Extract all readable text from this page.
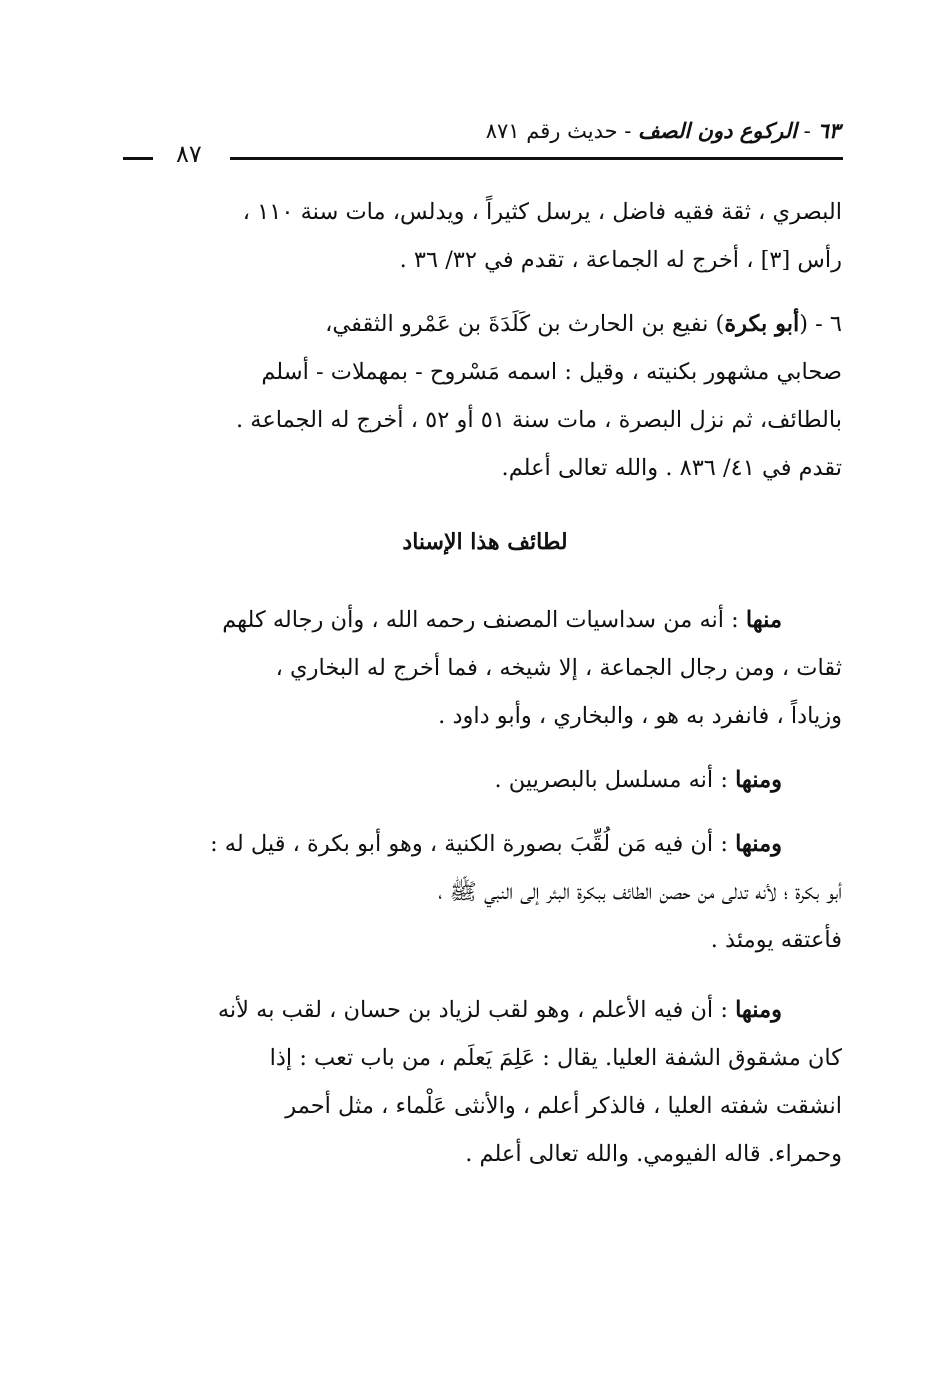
٦٣ - الركوع دون الصف - حديث رقم ٨٧١
٨٧

البصري ، ثقة فقيه فاضل ، يرسل كثيراً ، ويدلس، مات سنة ١١٠ ،

رأس [٣] ، أخرج له الجماعة ، تقدم في ٣٢/ ٣٦ .

٦ - (أبو بكرة) نفيع بن الحارث بن كَلَدَةَ بن عَمْرو الثقفي،

صحابي مشهور بكنيته ، وقيل : اسمه مَسْروح - بمهملات - أسلم

بالطائف، ثم نزل البصرة ، مات سنة ٥١ أو ٥٢ ، أخرج له الجماعة .

تقدم في ٤١/ ٨٣٦ . والله تعالى أعلم.

لطائف هذا الإسناد

منها : أنه من سداسيات المصنف رحمه الله ، وأن رجاله كلهم

ثقات ، ومن رجال الجماعة ، إلا شيخه ، فما أخرج له البخاري ،

وزياداً ، فانفرد به هو ، والبخاري ، وأبو داود .

ومنها : أنه مسلسل بالبصريين .

ومنها : أن فيه مَن لُقِّبَ بصورة الكنية ، وهو أبو بكرة ، قيل له :

أبو بكرة ؛ لأنه تدلى من حصن الطائف ببكرة البئر إلى النبي ﷺ ،

فأعتقه يومئذ .

ومنها : أن فيه الأعلم ، وهو لقب لزياد بن حسان ، لقب به لأنه

كان مشقوق الشفة العليا. يقال : عَلِمَ يَعلَم ، من باب تعب : إذا

انشقت شفته العليا ، فالذكر أعلم ، والأنثى عَلْماء ، مثل أحمر

وحمراء. قاله الفيومي. والله تعالى أعلم .
